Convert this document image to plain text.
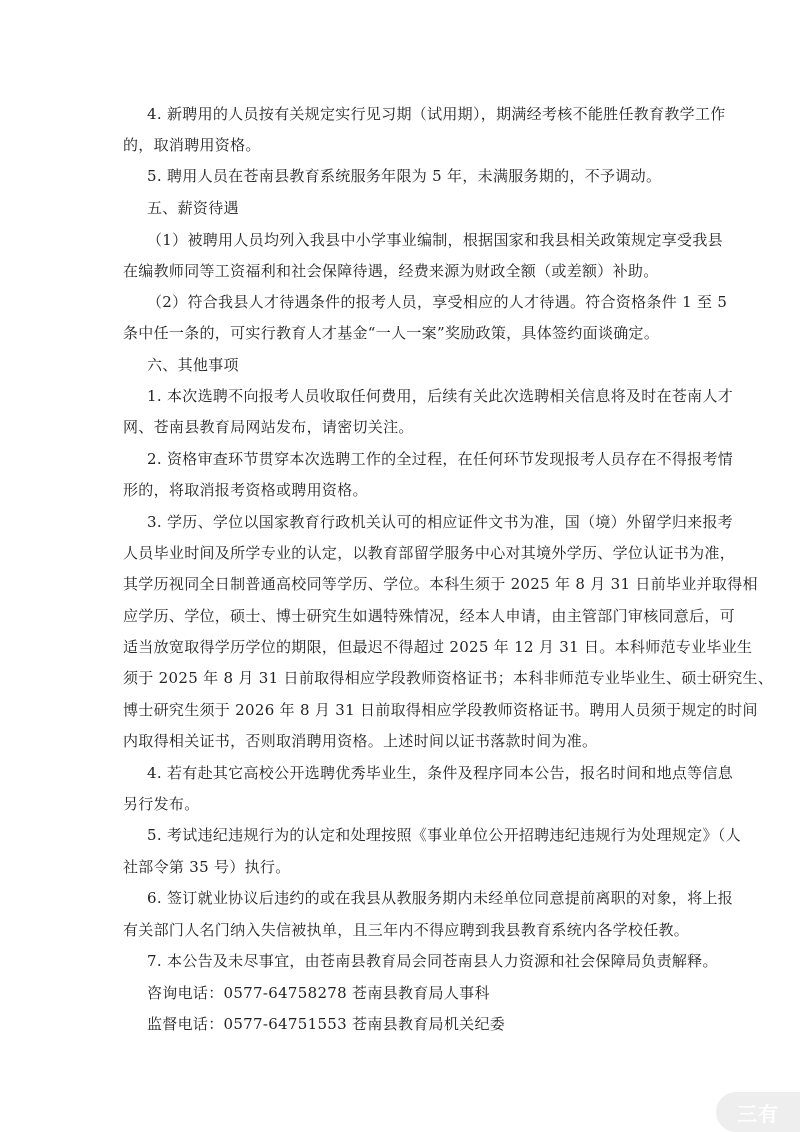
4. 新聘用的人员按有关规定实行见习期（试用期），期满经考核不能胜任教育教学工作
的，取消聘用资格。
5. 聘用人员在苍南县教育系统服务年限为 5 年，未满服务期的，不予调动。
五、薪资待遇
（1）被聘用人员均列入我县中小学事业编制，根据国家和我县相关政策规定享受我县
在编教师同等工资福利和社会保障待遇，经费来源为财政全额（或差额）补助。
（2）符合我县人才待遇条件的报考人员，享受相应的人才待遇。符合资格条件 1 至 5
条中任一条的，可实行教育人才基金“一人一案”奖励政策，具体签约面谈确定。
六、其他事项
1. 本次选聘不向报考人员收取任何费用，后续有关此次选聘相关信息将及时在苍南人才
网、苍南县教育局网站发布，请密切关注。
2. 资格审查环节贯穿本次选聘工作的全过程，在任何环节发现报考人员存在不得报考情
形的，将取消报考资格或聘用资格。
3. 学历、学位以国家教育行政机关认可的相应证件文书为准，国（境）外留学归来报考
人员毕业时间及所学专业的认定，以教育部留学服务中心对其境外学历、学位认证书为准，
其学历视同全日制普通高校同等学历、学位。本科生须于 2025 年 8 月 31 日前毕业并取得相
应学历、学位，硕士、博士研究生如遇特殊情况，经本人申请，由主管部门审核同意后，可
适当放宽取得学历学位的期限，但最迟不得超过 2025 年 12 月 31 日。本科师范专业毕业生
须于 2025 年 8 月 31 日前取得相应学段教师资格证书；本科非师范专业毕业生、硕士研究生、
博士研究生须于 2026 年 8 月 31 日前取得相应学段教师资格证书。聘用人员须于规定的时间
内取得相关证书，否则取消聘用资格。上述时间以证书落款时间为准。
4. 若有赴其它高校公开选聘优秀毕业生，条件及程序同本公告，报名时间和地点等信息
另行发布。
5. 考试违纪违规行为的认定和处理按照《事业单位公开招聘违纪违规行为处理规定》（人
社部令第 35 号）执行。
6. 签订就业协议后违约的或在我县从教服务期内未经单位同意提前离职的对象，将上报
有关部门人名门纳入失信被执单，且三年内不得应聘到我县教育系统内各学校任教。
7. 本公告及未尽事宜，由苍南县教育局会同苍南县人力资源和社会保障局负责解释。
咨询电话：0577-64758278 苍南县教育局人事科
监督电话：0577-64751553 苍南县教育局机关纪委
三有
